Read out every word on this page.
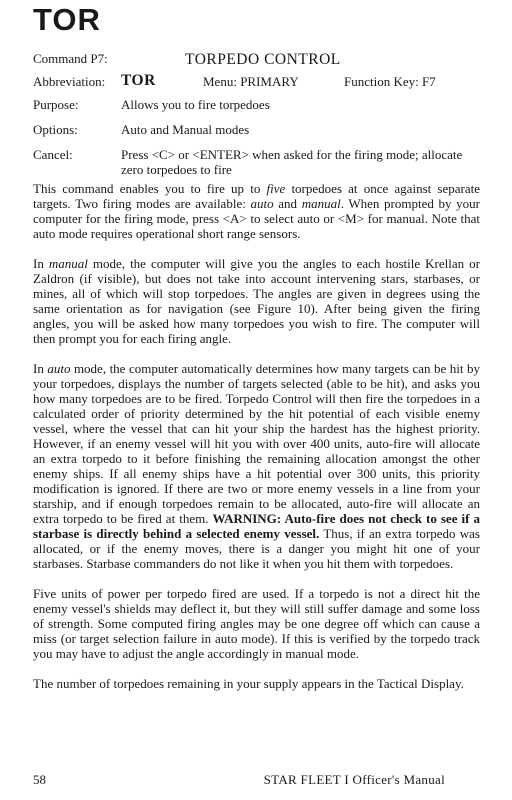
TOR
Command P7:	TORPEDO CONTROL
Abbreviation: TOR	Menu: PRIMARY	Function Key: F7
Purpose:	Allows you to fire torpedoes
Options:	Auto and Manual modes
Cancel:	Press <C> or <ENTER> when asked for the firing mode; allocate zero torpedoes to fire

This command enables you to fire up to five torpedoes at once against separate targets. Two firing modes are available: auto and manual. When prompted by your computer for the firing mode, press <A> to select auto or <M> for manual. Note that auto mode requires operational short range sensors.

In manual mode, the computer will give you the angles to each hostile Krellan or Zaldron (if visible), but does not take into account intervening stars, starbases, or mines, all of which will stop torpedoes. The angles are given in degrees using the same orientation as for navigation (see Figure 10). After being given the firing angles, you will be asked how many torpedoes you wish to fire. The computer will then prompt you for each firing angle.

In auto mode, the computer automatically determines how many targets can be hit by your torpedoes, displays the number of targets selected (able to be hit), and asks you how many torpedoes are to be fired. Torpedo Control will then fire the torpedoes in a calculated order of priority determined by the hit potential of each visible enemy vessel, where the vessel that can hit your ship the hardest has the highest priority. However, if an enemy vessel will hit you with over 400 units, auto-fire will allocate an extra torpedo to it before finishing the remaining allocation amongst the other enemy ships. If all enemy ships have a hit potential over 300 units, this priority modification is ignored. If there are two or more enemy vessels in a line from your starship, and if enough torpedoes remain to be allocated, auto-fire will allocate an extra torpedo to be fired at them. WARNING: Auto-fire does not check to see if a starbase is directly behind a selected enemy vessel. Thus, if an extra torpedo was allocated, or if the enemy moves, there is a danger you might hit one of your starbases. Starbase commanders do not like it when you hit them with torpedoes.

Five units of power per torpedo fired are used. If a torpedo is not a direct hit the enemy vessel's shields may deflect it, but they will still suffer damage and some loss of strength. Some computed firing angles may be one degree off which can cause a miss (or target selection failure in auto mode). If this is verified by the torpedo track you may have to adjust the angle accordingly in manual mode.

The number of torpedoes remaining in your supply appears in the Tactical Display.

58	STAR FLEET I Officer's Manual
